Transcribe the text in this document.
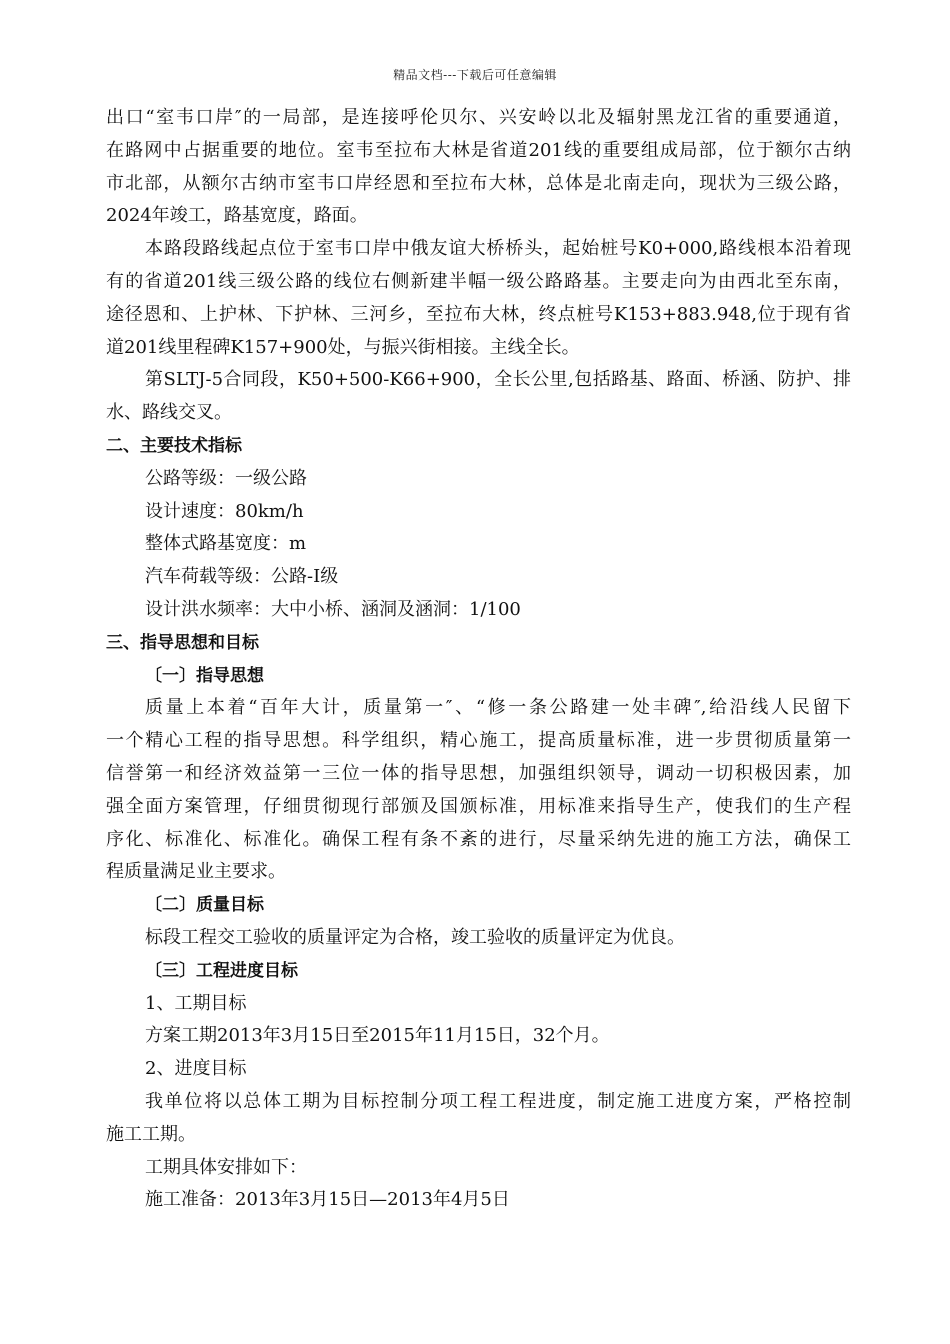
精品文档---下载后可任意编辑

出口“室韦口岸″的一局部，是连接呼伦贝尔、兴安岭以北及辐射黑龙江省的重要通道，

在路网中占据重要的地位。室韦至拉布大林是省道201线的重要组成局部，位于额尔古纳

市北部，从额尔古纳市室韦口岸经恩和至拉布大林，总体是北南走向，现状为三级公路，

2024年竣工，路基宽度，路面。

本路段路线起点位于室韦口岸中俄友谊大桥桥头，起始桩号K0+000,路线根本沿着现

有的省道201线三级公路的线位右侧新建半幅一级公路路基。主要走向为由西北至东南，

途径恩和、上护林、下护林、三河乡，至拉布大林，终点桩号K153+883.948,位于现有省

道201线里程碑K157+900处，与振兴街相接。主线全长。

第SLTJ-5合同段，K50+500-K66+900，全长公里,包括路基、路面、桥涵、防护、排

水、路线交叉。

二、主要技术指标

公路等级：一级公路

设计速度：80km/h

整体式路基宽度：m

汽车荷载等级：公路-I级

设计洪水频率：大中小桥、涵洞及涵洞：1/100

三、指导思想和目标

〔一〕指导思想

质量上本着“百年大计，质量第一″、“修一条公路建一处丰碑″,给沿线人民留下

一个精心工程的指导思想。科学组织，精心施工，提高质量标准，进一步贯彻质量第一

信誉第一和经济效益第一三位一体的指导思想，加强组织领导，调动一切积极因素，加

强全面方案管理，仔细贯彻现行部颁及国颁标准，用标准来指导生产，使我们的生产程

序化、标准化、标准化。确保工程有条不紊的进行，尽量采纳先进的施工方法，确保工

程质量满足业主要求。

〔二〕质量目标

标段工程交工验收的质量评定为合格，竣工验收的质量评定为优良。

〔三〕工程进度目标

1、工期目标

方案工期2013年3月15日至2015年11月15日，32个月。

2、进度目标

我单位将以总体工期为目标控制分项工程工程进度，制定施工进度方案，严格控制

施工工期。

工期具体安排如下：

施工准备：2013年3月15日—2013年4月5日
